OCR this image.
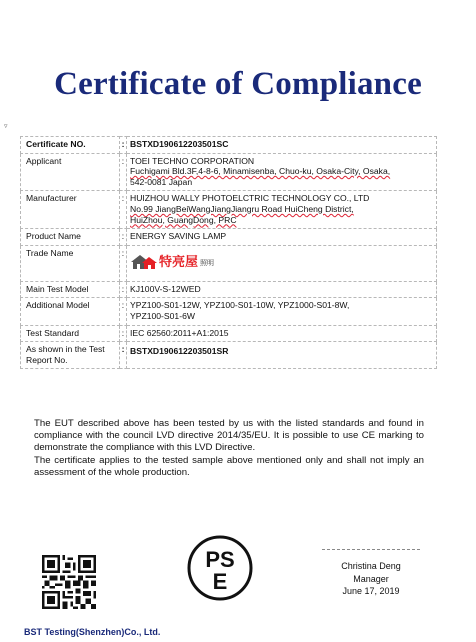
Certificate of Compliance
▿
Certificate NO.	:	BSTXD190612203501SC
Applicant	:	TOEI TECHNO CORPORATION
Fuchigami Bld.3F,4-8-6, Minamisenba, Chuo-ku, Osaka-City, Osaka,
542-0081 Japan

Manufacturer	:	HUIZHOU WALLY PHOTOELCTRIC TECHNOLOGY CO., LTD
No.99 JiangBeiWangJiangJiangru Road HuiCheng District,
HuiZhou, GuangDong, PRC

Product Name	:	ENERGY SAVING LAMP
Trade Name	:	特亮屋 照明

Main Test Model	:	KJ100V-S-12WED
Additional Model	:	YPZ100-S01-12W, YPZ100-S01-10W, YPZ1000-S01-8W,
YPZ100-S01-6W

Test Standard	:	IEC 62560:2011+A1:2015
As shown in the Test Report No.	:	BSTXD190612203501SR

The EUT described above has been tested by us with the listed standards and found in compliance with the council LVD directive 2014/35/EU. It is possible to use CE marking to demonstrate the compliance with this LVD Directive.

The certificate applies to the tested sample above mentioned only and shall not imply an assessment of the whole production.

PS
E
Christina Deng
Manager
June 17, 2019
BST Testing(Shenzhen)Co., Ltd.
